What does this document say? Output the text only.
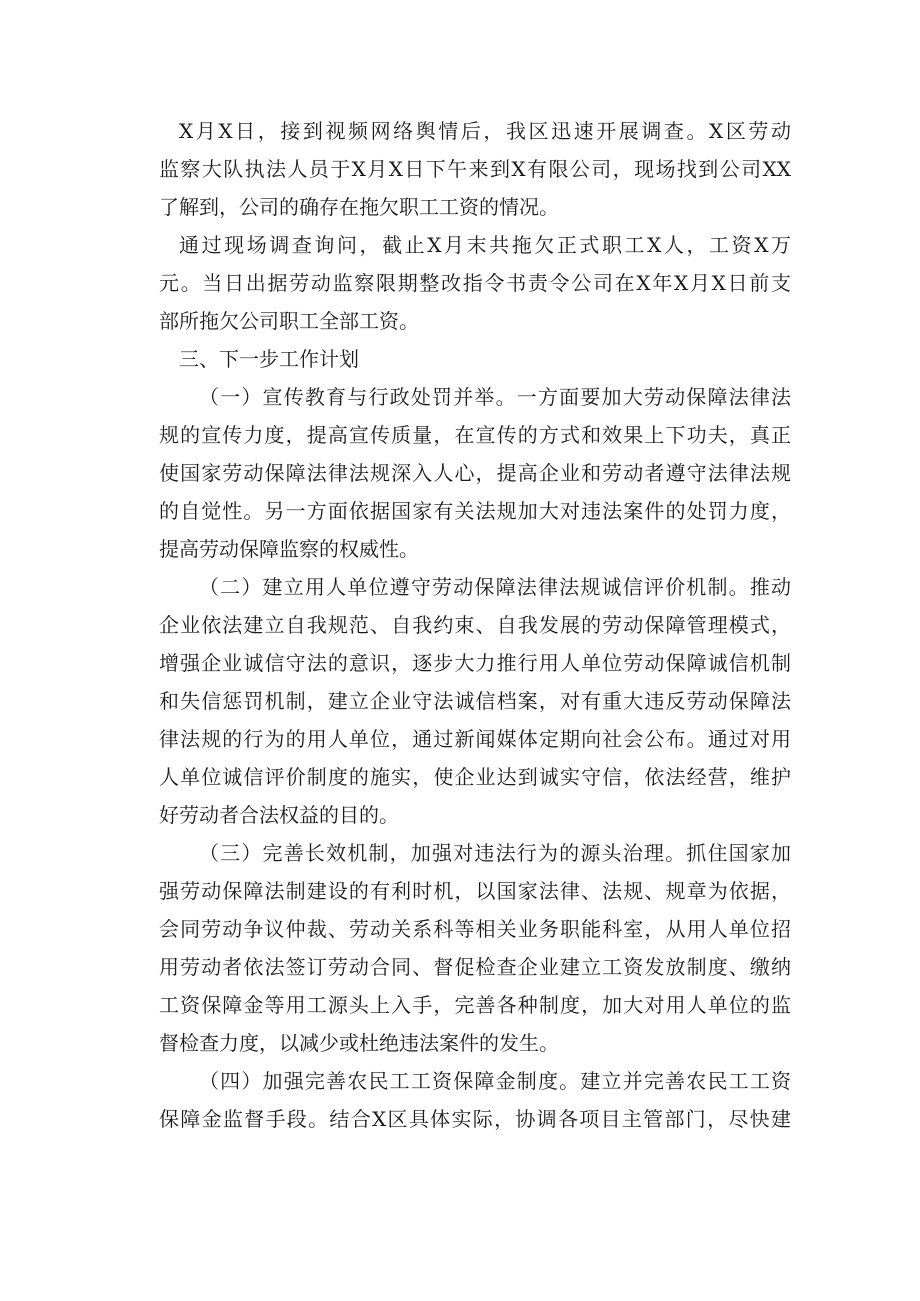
X月X日，接到视频网络舆情后，我区迅速开展调查。X区劳动
监察大队执法人员于X月X日下午来到X有限公司，现场找到公司XX
了解到，公司的确存在拖欠职工工资的情况。
通过现场调查询问，截止X月末共拖欠正式职工X人，工资X万
元。当日出据劳动监察限期整改指令书责令公司在X年X月X日前支
部所拖欠公司职工全部工资。
三、下一步工作计划
（一）宣传教育与行政处罚并举。一方面要加大劳动保障法律法
规的宣传力度，提高宣传质量，在宣传的方式和效果上下功夫，真正
使国家劳动保障法律法规深入人心，提高企业和劳动者遵守法律法规
的自觉性。另一方面依据国家有关法规加大对违法案件的处罚力度，
提高劳动保障监察的权威性。
（二）建立用人单位遵守劳动保障法律法规诚信评价机制。推动
企业依法建立自我规范、自我约束、自我发展的劳动保障管理模式，
增强企业诚信守法的意识，逐步大力推行用人单位劳动保障诚信机制
和失信惩罚机制，建立企业守法诚信档案，对有重大违反劳动保障法
律法规的行为的用人单位，通过新闻媒体定期向社会公布。通过对用
人单位诚信评价制度的施实，使企业达到诚实守信，依法经营，维护
好劳动者合法权益的目的。
（三）完善长效机制，加强对违法行为的源头治理。抓住国家加
强劳动保障法制建设的有利时机，以国家法律、法规、规章为依据，
会同劳动争议仲裁、劳动关系科等相关业务职能科室，从用人单位招
用劳动者依法签订劳动合同、督促检查企业建立工资发放制度、缴纳
工资保障金等用工源头上入手，完善各种制度，加大对用人单位的监
督检查力度，以减少或杜绝违法案件的发生。
（四）加强完善农民工工资保障金制度。建立并完善农民工工资
保障金监督手段。结合X区具体实际，协调各项目主管部门，尽快建
